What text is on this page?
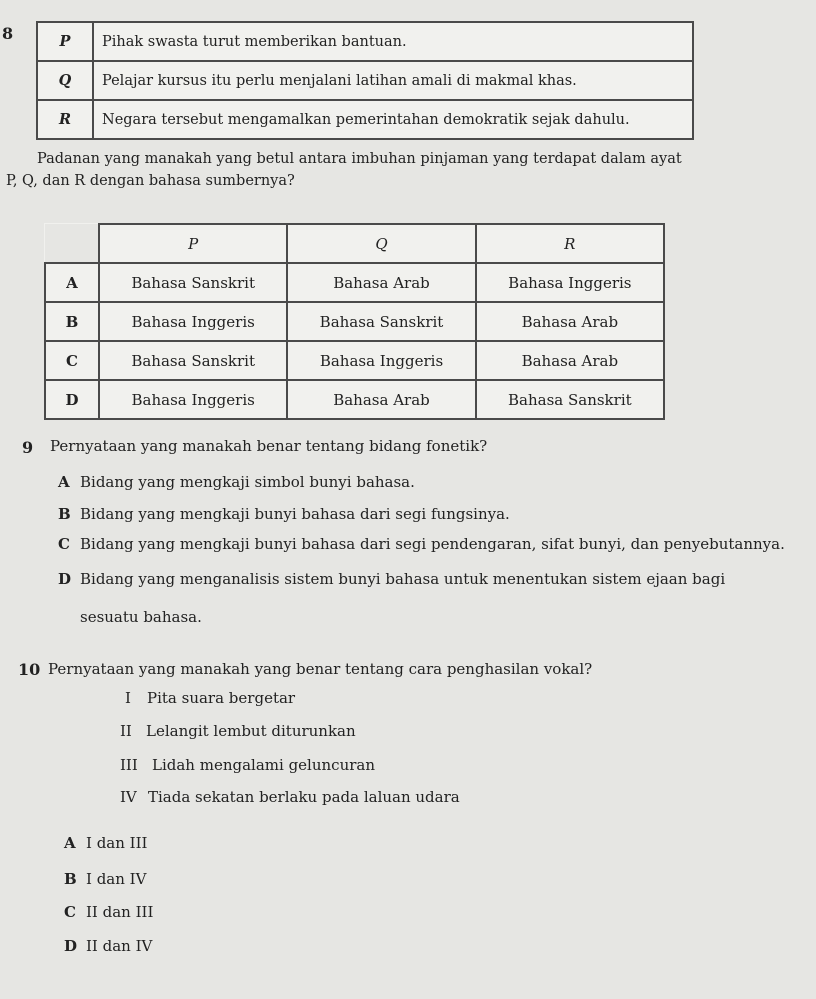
8	P	Pihak swasta turut memberikan bantuan.
Q	Pelajar kursus itu perlu menjalani latihan amali di makmal khas.
R	Negara tersebut mengamalkan pemerintahan demokratik sejak dahulu.
Padanan yang manakah yang betul antara imbuhan pinjaman yang terdapat dalam ayat
P, Q, dan R dengan bahasa sumbernya?
	P	Q	R
A	Bahasa Sanskrit	Bahasa Arab	Bahasa Inggeris
B	Bahasa Inggeris	Bahasa Sanskrit	Bahasa Arab
C	Bahasa Sanskrit	Bahasa Inggeris	Bahasa Arab
D	Bahasa Inggeris	Bahasa Arab	Bahasa Sanskrit
9 Pernyataan yang manakah benar tentang bidang fonetik?
A Bidang yang mengkaji simbol bunyi bahasa.
B Bidang yang mengkaji bunyi bahasa dari segi fungsinya.
C Bidang yang mengkaji bunyi bahasa dari segi pendengaran, sifat bunyi, dan penyebutannya.
D Bidang yang menganalisis sistem bunyi bahasa untuk menentukan sistem ejaan bagi
sesuatu bahasa.
10 Pernyataan yang manakah yang benar tentang cara penghasilan vokal?
I Pita suara bergetar
II Lelangit lembut diturunkan
III Lidah mengalami geluncuran
IV Tiada sekatan berlaku pada laluan udara
A I dan III
B I dan IV
C II dan III
D II dan IV
